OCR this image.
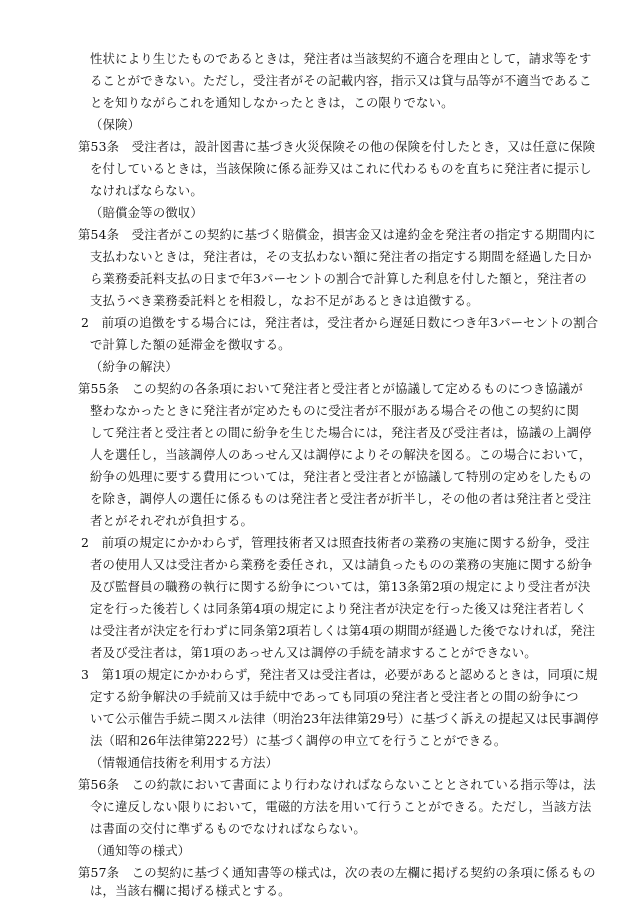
性状により生じたものであるときは，発注者は当該契約不適合を理由として，請求等をす
ることができない。ただし，受注者がその記載内容，指示又は貸与品等が不適当であるこ
とを知りながらこれを通知しなかったときは，この限りでない。
（保険）
第53条　受注者は，設計図書に基づき火災保険その他の保険を付したとき，又は任意に保険
を付しているときは，当該保険に係る証券又はこれに代わるものを直ちに発注者に提示し
なければならない。
（賠償金等の徴収）
第54条　受注者がこの契約に基づく賠償金，損害金又は違約金を発注者の指定する期間内に
支払わないときは，発注者は，その支払わない額に発注者の指定する期間を経過した日か
ら業務委託料支払の日まで年3パーセントの割合で計算した利息を付した額と，発注者の
支払うべき業務委託料とを相殺し，なお不足があるときは追徴する。
2　前項の追徴をする場合には，発注者は，受注者から遅延日数につき年3パーセントの割合
で計算した額の延滞金を徴収する。
（紛争の解決）
第55条　この契約の各条項において発注者と受注者とが協議して定めるものにつき協議が
整わなかったときに発注者が定めたものに受注者が不服がある場合その他この契約に関
して発注者と受注者との間に紛争を生じた場合には，発注者及び受注者は，協議の上調停
人を選任し，当該調停人のあっせん又は調停によりその解決を図る。この場合において，
紛争の処理に要する費用については，発注者と受注者とが協議して特別の定めをしたもの
を除き，調停人の選任に係るものは発注者と受注者が折半し，その他の者は発注者と受注
者とがそれぞれが負担する。
2　前項の規定にかかわらず，管理技術者又は照査技術者の業務の実施に関する紛争，受注
者の使用人又は受注者から業務を委任され，又は請負ったものの業務の実施に関する紛争
及び監督員の職務の執行に関する紛争については，第13条第2項の規定により受注者が決
定を行った後若しくは同条第4項の規定により発注者が決定を行った後又は発注者若しく
は受注者が決定を行わずに同条第2項若しくは第4項の期間が経過した後でなければ，発注
者及び受注者は，第1項のあっせん又は調停の手続を請求することができない。
3　第1項の規定にかかわらず，発注者又は受注者は，必要があると認めるときは，同項に規
定する紛争解決の手続前又は手続中であっても同項の発注者と受注者との間の紛争につ
いて公示催告手続ニ関スル法律（明治23年法律第29号）に基づく訴えの提起又は民事調停
法（昭和26年法律第222号）に基づく調停の申立てを行うことができる。
（情報通信技術を利用する方法）
第56条　この約款において書面により行わなければならないこととされている指示等は，法
令に違反しない限りにおいて，電磁的方法を用いて行うことができる。ただし，当該方法
は書面の交付に準ずるものでなければならない。
（通知等の様式）
第57条　この契約に基づく通知書等の様式は，次の表の左欄に掲げる契約の条項に係るもの
は，当該右欄に掲げる様式とする。
